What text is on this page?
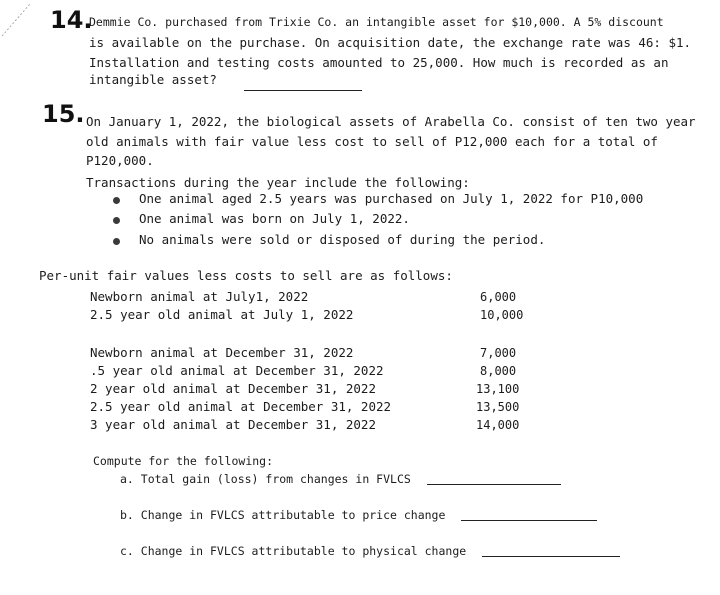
14.
Demmie Co. purchased from Trixie Co. an intangible asset for $10,000. A 5% discount
is available on the purchase. On acquisition date, the exchange rate was 46: $1.
Installation and testing costs amounted to 25,000. How much is recorded as an
intangible asset?
15. On January 1, 2022, the biological assets of Arabella Co. consist of ten two year
old animals with fair value less cost to sell of P12,000 each for a total of
P120,000.
Transactions during the year include the following:
One animal aged 2.5 years was purchased on July 1, 2022 for P10,000
One animal was born on July 1, 2022.
No animals were sold or disposed of during the period.
Per-unit fair values less costs to sell are as follows:
Newborn animal at July1, 2022	6,000
2.5 year old animal at July 1, 2022	10,000
Newborn animal at December 31, 2022	7,000
.5 year old animal at December 31, 2022	8,000
2 year old animal at December 31, 2022	13,100
2.5 year old animal at December 31, 2022	13,500
3 year old animal at December 31, 2022	14,000
Compute for the following:
a. Total gain (loss) from changes in FVLCS
b. Change in FVLCS attributable to price change
c. Change in FVLCS attributable to physical change
